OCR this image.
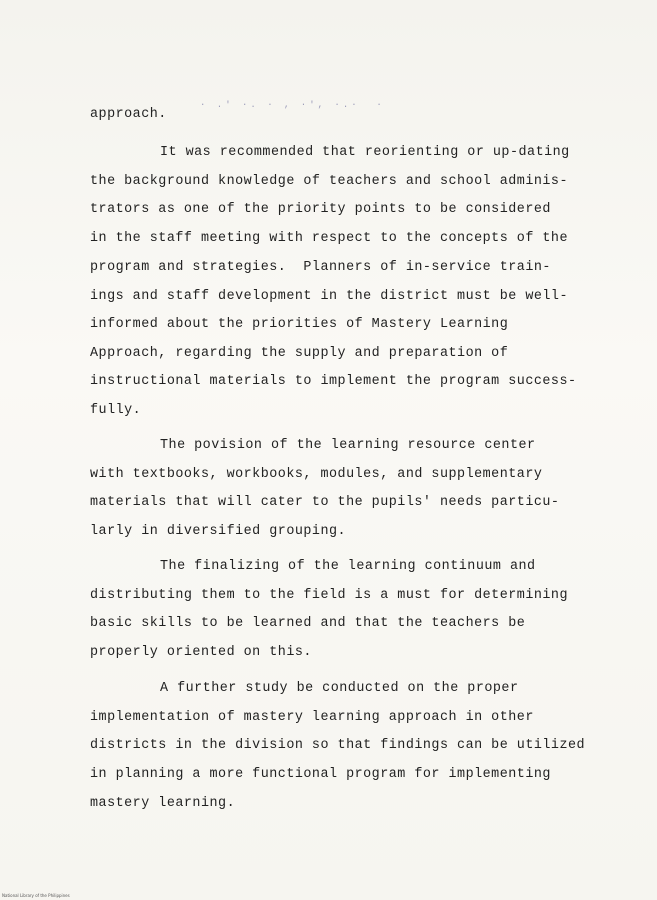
· .' ·. · , ·', ·.·  ·

approach.

It was recommended that reorienting or up-dating

the background knowledge of teachers and school adminis-

trators as one of the priority points to be considered

in the staff meeting with respect to the concepts of the

program and strategies.  Planners of in-service train-

ings and staff development in the district must be well-

informed about the priorities of Mastery Learning

Approach, regarding the supply and preparation of

instructional materials to implement the program success-

fully.

The povision of the learning resource center

with textbooks, workbooks, modules, and supplementary

materials that will cater to the pupils' needs particu-

larly in diversified grouping.

The finalizing of the learning continuum and

distributing them to the field is a must for determining

basic skills to be learned and that the teachers be

properly oriented on this.

A further study be conducted on the proper

implementation of mastery learning approach in other

districts in the division so that findings can be utilized

in planning a more functional program for implementing

mastery learning.

National Library of the Philippines
